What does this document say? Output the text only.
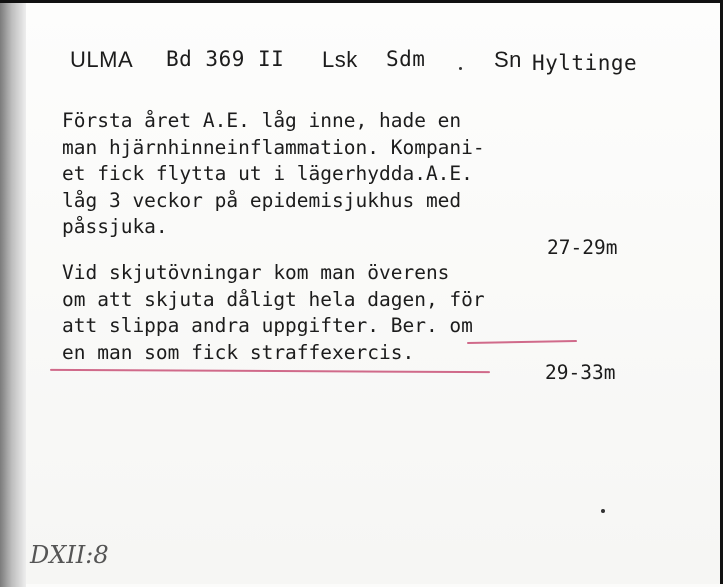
ULMA Bd 369 II Lsk Sdm	Sn Hyltinge
Första året A.E. låg inne, hade en
man hjärnhinneinflammation. Kompani-
et fick flytta ut i lägerhydda.A.E.
låg 3 veckor på epidemisjukhus med
påssjuka.
27-29m
Vid skjutövningar kom man överens
om att skjuta dåligt hela dagen, för
att slippa andra uppgifter. Ber. om
en man som fick straffexercis.
29-33m
DXII:8
